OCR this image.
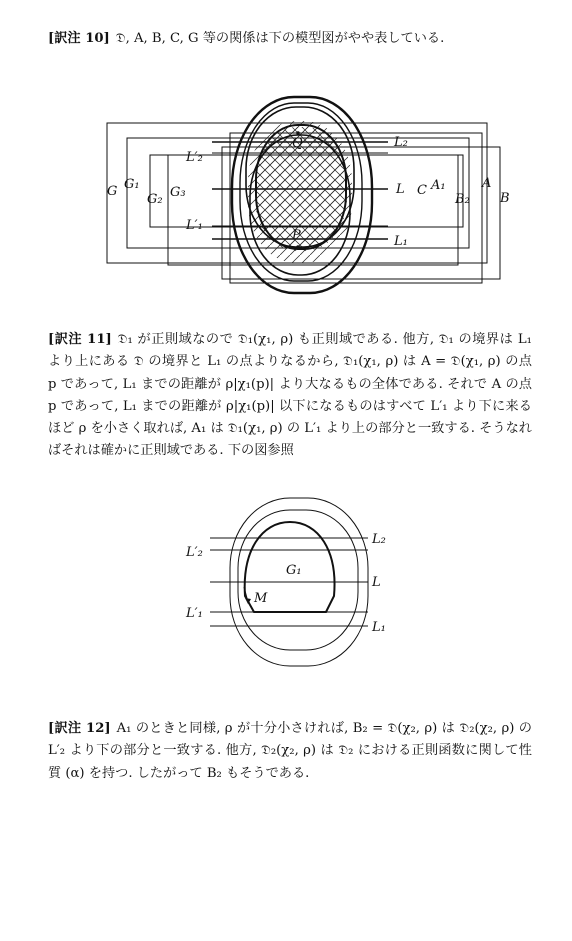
[訳注 10] 𝔇, A, B, C, G 等の関係は下の模型図がやや表している.
Q
P
L₂
L′₂
L
L′₁
L₁
G G₁
G₂ G₃	C A₁
B₂
A
B
[訳注 11] 𝔇₁ が正則域なので 𝔇₁(χ₁, ρ) も正則域である. 他方, 𝔇₁ の境界は L₁ より上にある 𝔇 の境界と L₁ の点よりなるから, 𝔇₁(χ₁, ρ) は A = 𝔇(χ₁, ρ) の点 p であって, L₁ までの距離が ρ|χ₁(p)| より大なるもの全体である. それで A の点 p であって, L₁ までの距離が ρ|χ₁(p)| 以下になるものはすべて L′₁ より下に来るほど ρ を小さく取れば, A₁ は 𝔇₁(χ₁, ρ) の L′₁ より上の部分と一致する. そうなればそれは確かに正則域である. 下の図参照
L₂
L′₂
G₁
L
M
L′₁
L₁
[訳注 12] A₁ のときと同様, ρ が十分小さければ, B₂ = 𝔇(χ₂, ρ) は 𝔇₂(χ₂, ρ) の L′₂ より下の部分と一致する. 他方, 𝔇₂(χ₂, ρ) は 𝔇₂ における正則函数に関して性質 (α) を持つ. したがって B₂ もそうである.
